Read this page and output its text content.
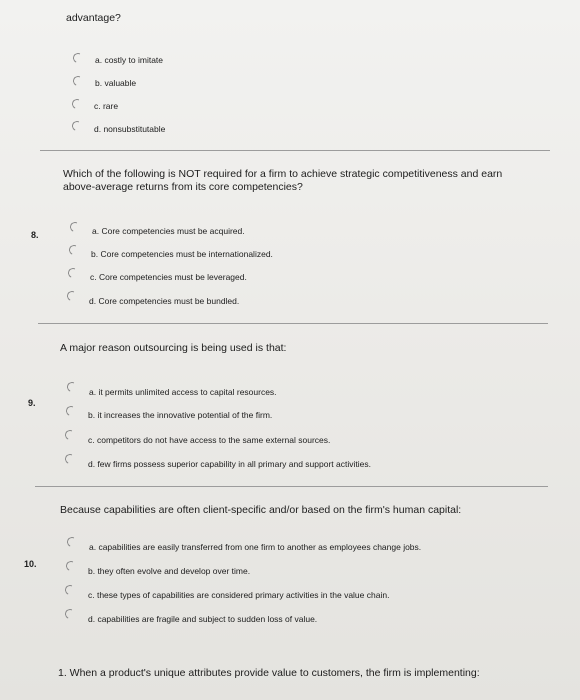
advantage?
a. costly to imitate
b. valuable
c. rare
d. nonsubstitutable
Which of the following is NOT required for a firm to achieve strategic competitiveness and earn above-average returns from its core competencies?
8.	a. Core competencies must be acquired.
b. Core competencies must be internationalized.
c. Core competencies must be leveraged.
d. Core competencies must be bundled.
A major reason outsourcing is being used is that:
9.
a. it permits unlimited access to capital resources.
b. it increases the innovative potential of the firm.
c. competitors do not have access to the same external sources.
d. few firms possess superior capability in all primary and support activities.
Because capabilities are often client-specific and/or based on the firm's human capital:
10.
a. capabilities are easily transferred from one firm to another as employees change jobs.
b. they often evolve and develop over time.
c. these types of capabilities are considered primary activities in the value chain.
d. capabilities are fragile and subject to sudden loss of value.
1. When a product's unique attributes provide value to customers, the firm is implementing:
